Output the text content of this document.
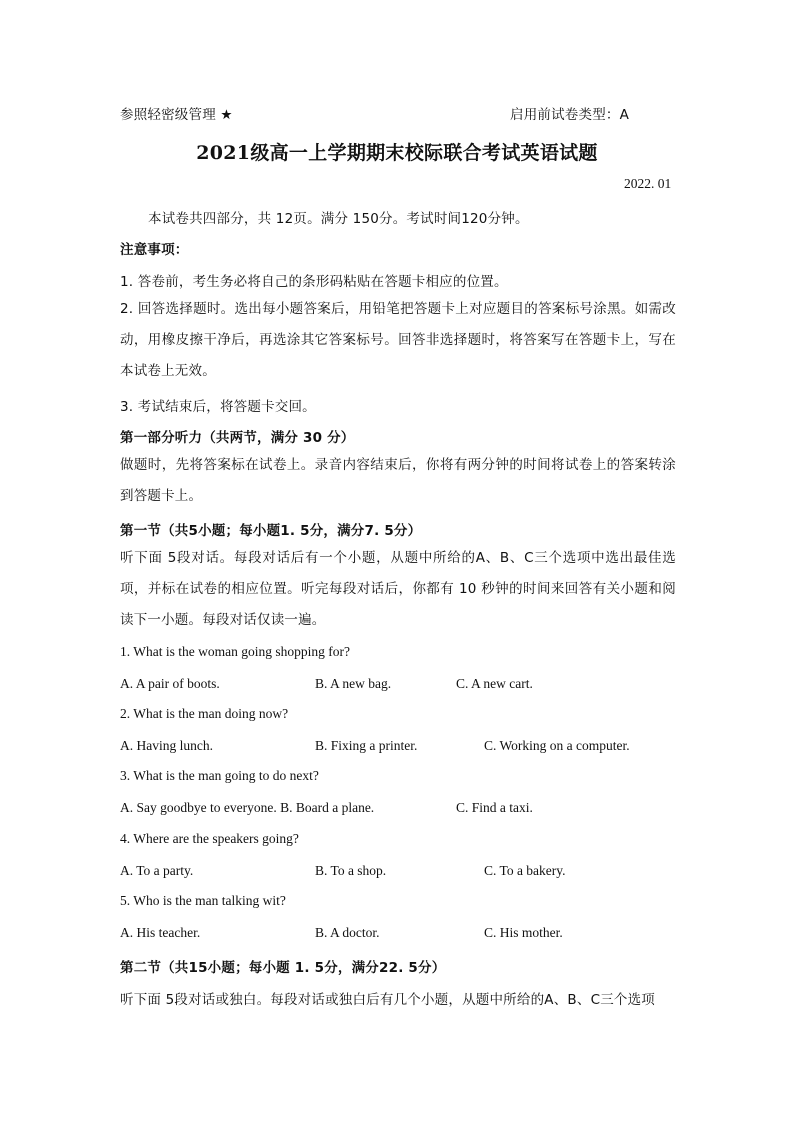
参照轻密级管理 ★	启用前试卷类型：A
2021级高一上学期期末校际联合考试英语试题
2022. 01
本试卷共四部分，共 12页。满分 150分。考试时间120分钟。
注意事项：
1. 答卷前，考生务必将自己的条形码粘贴在答题卡相应的位置。
2. 回答选择题时。选出每小题答案后，用铅笔把答题卡上对应题目的答案标号涂黑。如需改动，用橡皮擦干净后，再选涂其它答案标号。回答非选择题时，将答案写在答题卡上，写在本试卷上无效。
3. 考试结束后，将答题卡交回。
第一部分听力（共两节，满分 30 分）
做题时，先将答案标在试卷上。录音内容结束后，你将有两分钟的时间将试卷上的答案转涂到答题卡上。
第一节（共5小题；每小题1. 5分，满分7. 5分）
听下面 5段对话。每段对话后有一个小题，从题中所给的A、B、C三个选项中选出最佳选项，并标在试卷的相应位置。听完每段对话后，你都有 10 秒钟的时间来回答有关小题和阅读下一小题。每段对话仅读一遍。
1. What is the woman going shopping for?
A. A pair of boots.	B. A new bag.	C. A new cart.
2. What is the man doing now?
A. Having lunch.	B. Fixing a printer.	C. Working on a computer.
3. What is the man going to do next?
A. Say goodbye to everyone. B. Board a plane.	C. Find a taxi.
4. Where are the speakers going?
A. To a party.	B. To a shop.	C. To a bakery.
5. Who is the man talking wit?
A. His teacher.	B. A doctor.	C. His mother.
第二节（共15小题；每小题 1. 5分，满分22. 5分）
听下面 5段对话或独白。每段对话或独白后有几个小题，从题中所给的A、B、C三个选项
